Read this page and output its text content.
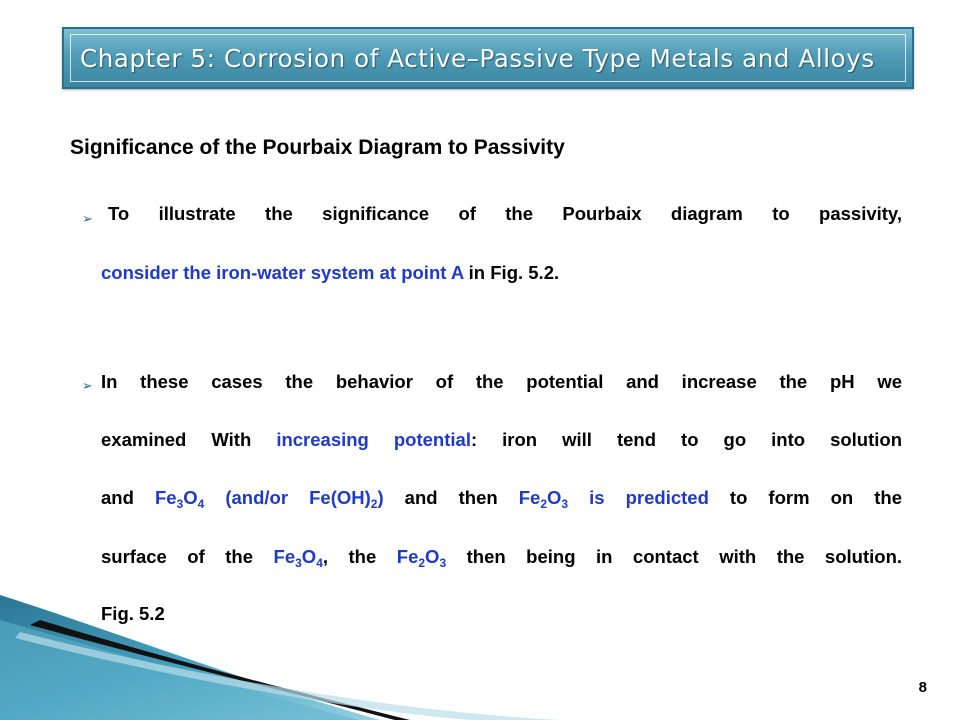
Chapter 5: Corrosion of Active–Passive Type Metals and Alloys
Significance of the Pourbaix Diagram to Passivity
➢ To illustrate the significance of the Pourbaix diagram to passivity,
consider the iron-water system at point A in Fig. 5.2.
➢ In these cases the behavior of the potential and increase the pH we
examined With increasing potential: iron will tend to go into solution
and $Fe_3O_4$ (and/or $Fe(OH)_2$) and then $Fe_2O_3$ is predicted to form on the
surface of the $Fe_3O_4$, the $Fe_2O_3$ then being in contact with the solution.
Fig. 5.2
8
